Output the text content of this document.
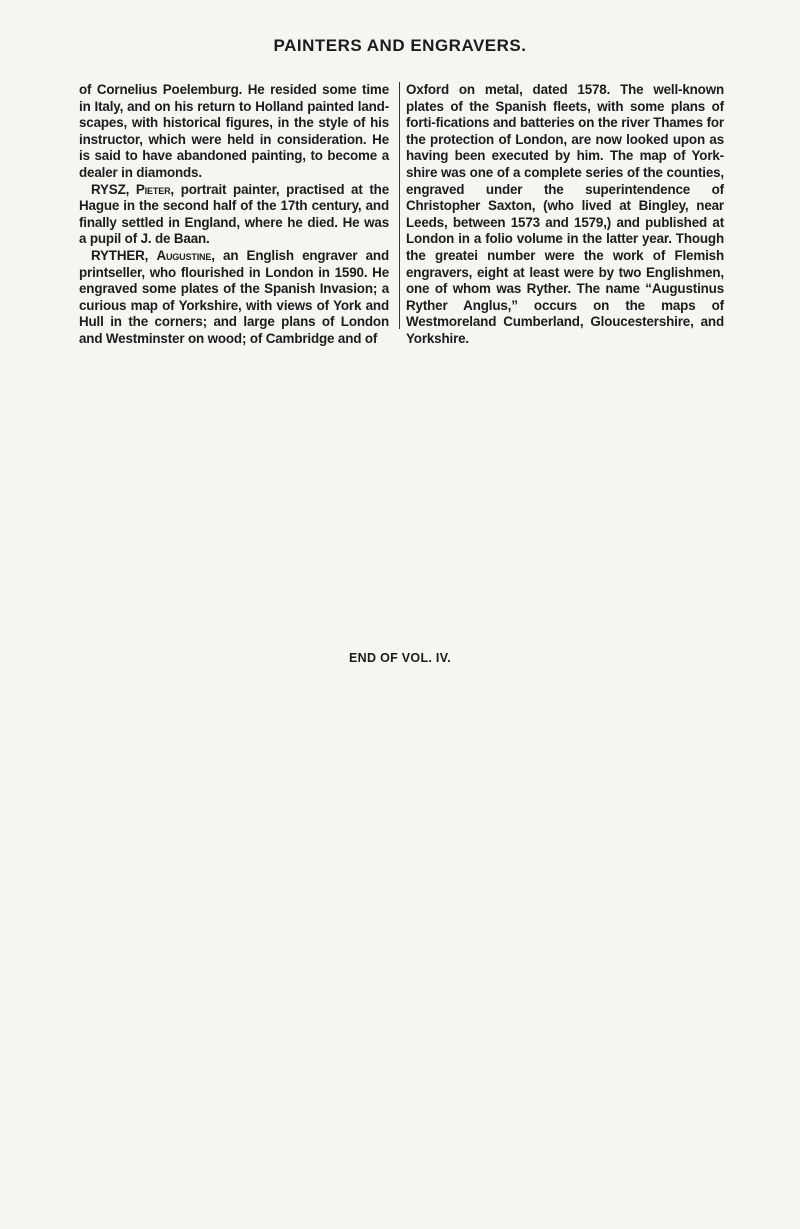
PAINTERS AND ENGRAVERS.

of Cornelius Poelemburg. He resided some time in Italy, and on his return to Holland painted land-scapes, with historical figures, in the style of his instructor, which were held in consideration. He is said to have abandoned painting, to become a dealer in diamonds.

RYSZ, Pieter, portrait painter, practised at the Hague in the second half of the 17th century, and finally settled in England, where he died. He was a pupil of J. de Baan.

RYTHER, Augustine, an English engraver and printseller, who flourished in London in 1590. He engraved some plates of the Spanish Invasion; a curious map of Yorkshire, with views of York and Hull in the corners; and large plans of London and Westminster on wood; of Cambridge and of

Oxford on metal, dated 1578. The well-known plates of the Spanish fleets, with some plans of forti-fications and batteries on the river Thames for the protection of London, are now looked upon as having been executed by him. The map of York-shire was one of a complete series of the counties, engraved under the superintendence of Christopher Saxton, (who lived at Bingley, near Leeds, between 1573 and 1579,) and published at London in a folio volume in the latter year. Though the greatei number were the work of Flemish engravers, eight at least were by two Englishmen, one of whom was Ryther. The name “Augustinus Ryther Anglus,” occurs on the maps of Westmoreland Cumberland, Gloucestershire, and Yorkshire.

END OF VOL. IV.
